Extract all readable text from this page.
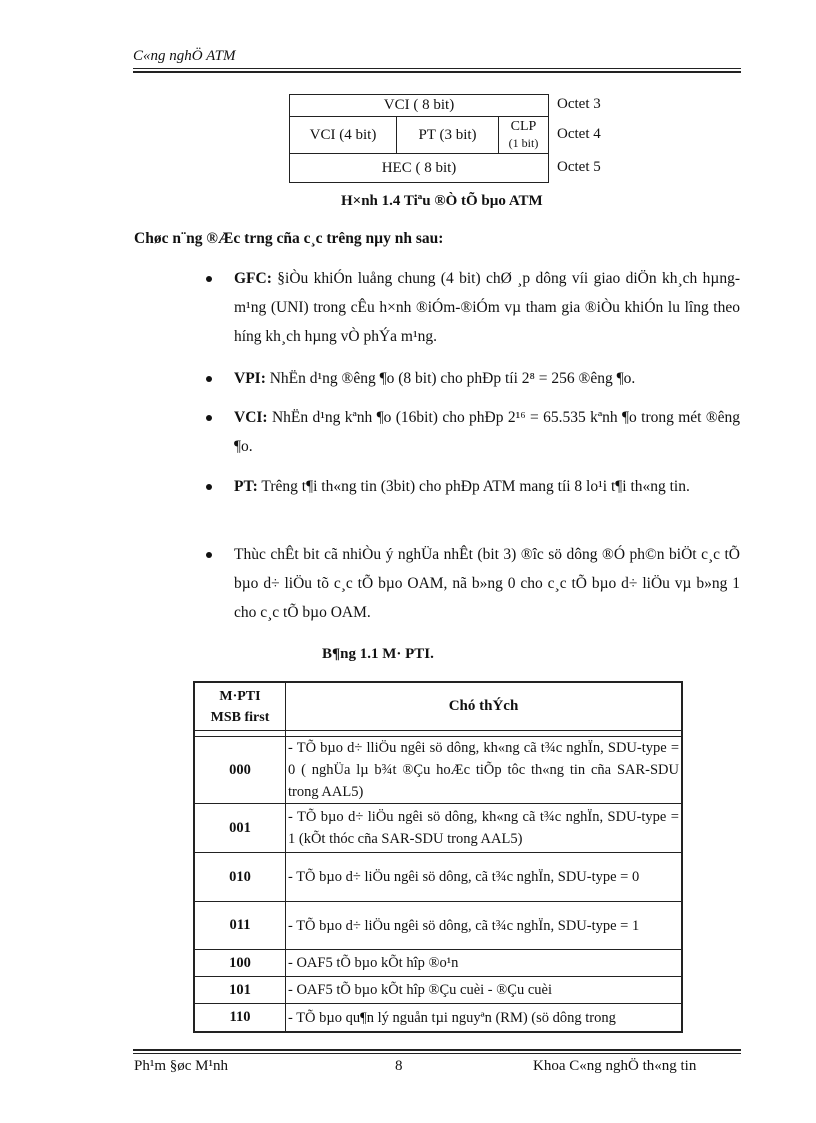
C«ng nghÖ ATM
VCI ( 8 bit)
VCI (4 bit)	PT (3 bit)	CLP
(1 bit)
HEC ( 8 bit)
Octet 3
Octet 4
Octet 5
H×nh 1.4 Tiªu ®Ò tÕ bµo ATM
Chøc n¨ng ®Æc trng cña c¸c trêng nµy nh sau:
GFC: §iÒu khiÓn luång chung (4 bit) chØ ¸p dông víi giao diÖn kh¸ch hµng-m¹ng (UNI) trong cÊu h×nh ®iÓm-®iÓm vµ tham gia ®iÒu khiÓn lu lîng theo híng kh¸ch hµng vÒ phÝa m¹ng.
VPI: NhËn d¹ng ®êng ¶o (8 bit) cho phÐp tíi 2⁸ = 256 ®êng ¶o.
VCI: NhËn d¹ng kªnh ¶o (16bit) cho phÐp 2¹⁶ = 65.535 kªnh ¶o trong mét ®êng ¶o.
PT: Trêng t¶i th«ng tin (3bit) cho phÐp ATM mang tíi 8 lo¹i t¶i th«ng tin.
Thùc chÊt bit cã nhiÒu ý nghÜa nhÊt (bit 3) ®îc sö dông ®Ó ph©n biÖt c¸c tÕ bµo d÷ liÖu tõ c¸c tÕ bµo OAM, nã b»ng 0 cho c¸c tÕ bµo d÷ liÖu vµ b»ng 1 cho c¸c tÕ bµo OAM.
B¶ng 1.1 M· PTI.
M·PTI
MSB first	Chó thÝch

000	- TÕ bµo d÷ lliÖu ngêi sö dông, kh«ng cã t¾c nghÏn, SDU-type = 0 ( nghÜa lµ b¾t ®Çu hoÆc tiÕp tôc th«ng tin cña SAR-SDU trong AAL5)
001	- TÕ bµo d÷ liÖu ngêi sö dông, kh«ng cã t¾c nghÏn, SDU-type = 1 (kÕt thóc cña SAR-SDU trong AAL5)
010	- TÕ bµo d÷ liÖu ngêi sö dông, cã t¾c nghÏn, SDU-type = 0
011	- TÕ bµo d÷ liÖu ngêi sö dông, cã t¾c nghÏn, SDU-type = 1
100	- OAF5 tÕ bµo kÕt hîp ®o¹n
101	- OAF5 tÕ bµo kÕt hîp ®Çu cuèi - ®Çu cuèi
110	- TÕ bµo qu¶n lý nguån tµi nguyªn (RM) (sö dông trong
Ph¹m §øc M¹nh	8	Khoa C«ng nghÖ th«ng tin
